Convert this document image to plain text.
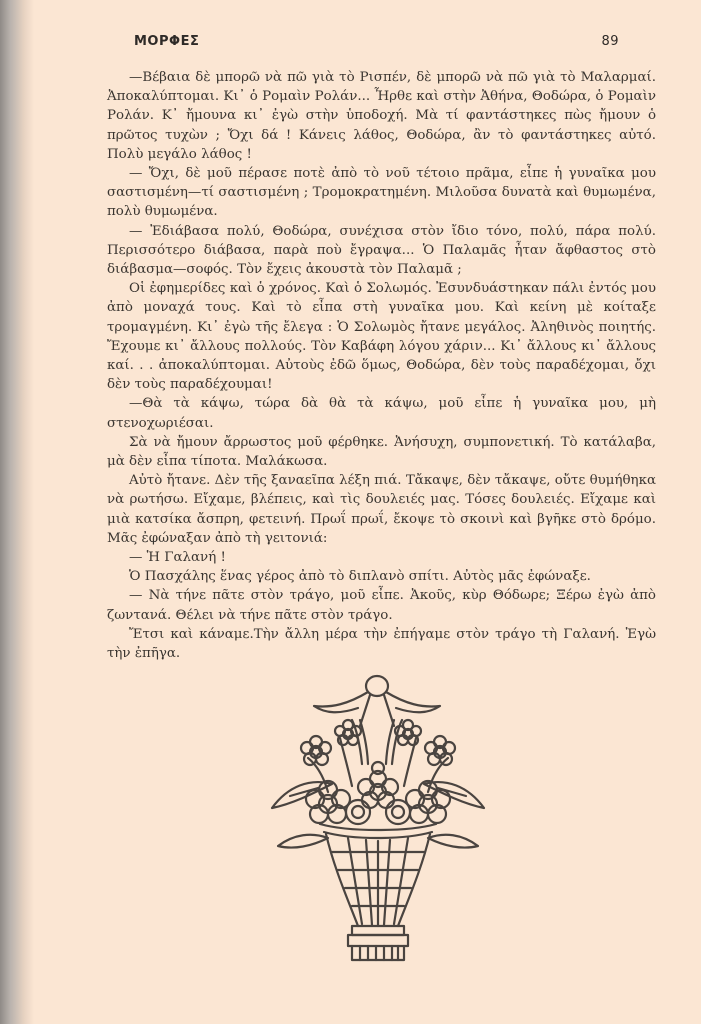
ΜΟΡΦΕΣ	89

—Βέβαια δὲ μπορῶ νὰ πῶ γιὰ τὸ Ρισπέν, δὲ μπορῶ νὰ πῶ γιὰ τὸ Μαλαρμαί. Ἀποκαλύπτομαι. Κι᾽ ὁ Ρομαὶν Ρολάν... Ἦρθε καὶ στὴν Ἀθήνα, Θοδώρα, ὁ Ρομαὶν Ρολάν. Κ᾽ ἤμουνα κι᾽ ἐγὼ στὴν ὑποδοχή. Μὰ τί φαντάστηκες πὼς ἤμουν ὁ πρῶτος τυχὼν ; Ὄχι δά ! Κάνεις λάθος, Θοδώρα, ἂν τὸ φαντάστηκες αὐτό. Πολὺ μεγάλο λάθος !

— Ὄχι, δὲ μοῦ πέρασε ποτὲ ἀπὸ τὸ νοῦ τέτοιο πρᾶμα, εἶπε ἡ γυναῖκα μου σαστισμένη—τί σαστισμένη ; Τρομοκρατημένη. Μιλοῦσα δυνατὰ καὶ θυμωμένα, πολὺ θυμωμένα.

— Ἐδιάβασα πολύ, Θοδώρα, συνέχισα στὸν ἴδιο τόνο, πολύ, πάρα πολύ. Περισσότερο διάβασα, παρὰ ποὺ ἔγραψα... Ὁ Παλαμᾶς ἦταν ἄφθαστος στὸ διάβασμα—σοφός. Τὸν ἔχεις ἀκουστὰ τὸν Παλαμᾶ ;

Οἱ ἐφημερίδες καὶ ὁ χρόνος. Καὶ ὁ Σολωμός. Ἐσυνδυάστηκαν πάλι ἐντός μου ἀπὸ μοναχά τους. Καὶ τὸ εἶπα στὴ γυναῖκα μου. Καὶ κείνη μὲ κοίταξε τρομαγμένη. Κι᾽ ἐγὼ τῆς ἔλεγα : Ὁ Σολωμὸς ἤτανε μεγάλος. Ἀληθινὸς ποιητής. Ἔχουμε κι᾽ ἄλλους πολλούς. Τὸν Καβάφη λόγου χάριν... Κι᾽ ἄλλους κι᾽ ἄλλους καί. . . ἀποκαλύπτομαι. Αὐτοὺς ἐδῶ ὅμως, Θοδώρα, δὲν τοὺς παραδέχομαι, ὄχι δὲν τοὺς παραδέχουμαι!

—Θὰ τὰ κάψω, τώρα δὰ θὰ τὰ κάψω, μοῦ εἶπε ἡ γυναῖκα μου, μὴ στενοχωριέσαι.

Σὰ νὰ ἤμουν ἄρρωστος μοῦ φέρθηκε. Ἀνήσυχη, συμπονετική. Τὸ κατάλαβα, μὰ δὲν εἶπα τίποτα. Μαλάκωσα.

Αὐτὸ ἤτανε. Δὲν τῆς ξαναεῖπα λέξη πιά. Τἄκαψε, δὲν τἄκαψε, οὔτε θυμήθηκα νὰ ρωτήσω. Εἴχαμε, βλέπεις, καὶ τὶς δουλειές μας. Τόσες δουλειές. Εἴχαμε καὶ μιὰ κατσίκα ἄσπρη, φετεινή. Πρωΐ πρωΐ, ἔκοψε τὸ σκοινὶ καὶ βγῆκε στὸ δρόμο. Μᾶς ἐφώναξαν ἀπὸ τὴ γειτονιά:

— Ἡ Γαλανή !

Ὁ Πασχάλης ἕνας γέρος ἀπὸ τὸ διπλανὸ σπίτι. Αὐτὸς μᾶς ἐφώναξε.

— Νὰ τήνε πᾶτε στὸν τράγο, μοῦ εἶπε. Ἀκοῦς, κὺρ Θόδωρε; Ξέρω ἐγὼ ἀπὸ ζωντανά. Θέλει νὰ τήνε πᾶτε στὸν τράγο.

Ἔτσι καὶ κάναμε.Τὴν ἄλλη μέρα τὴν ἐπήγαμε στὸν τράγο τὴ Γαλανή. Ἐγὼ τὴν ἐπῆγα.
